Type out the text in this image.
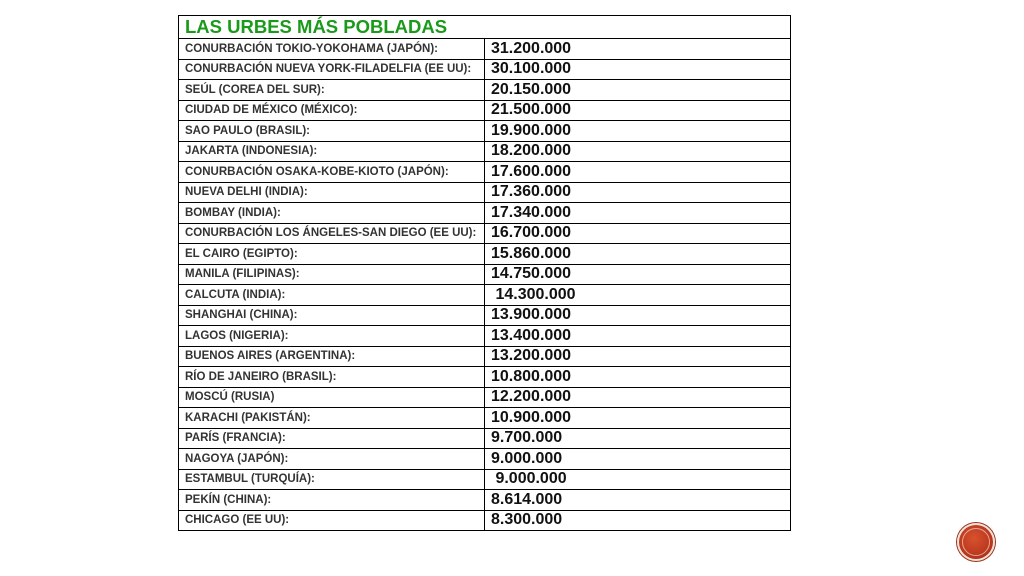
LAS URBES MÁS POBLADAS	
CONURBACIÓN TOKIO-YOKOHAMA (JAPÓN):	31.200.000
CONURBACIÓN NUEVA YORK-FILADELFIA (EE UU):	30.100.000
SEÚL (COREA DEL SUR):	20.150.000
CIUDAD DE MÉXICO (MÉXICO):	21.500.000
SAO PAULO (BRASIL):	19.900.000
JAKARTA (INDONESIA):	18.200.000
CONURBACIÓN OSAKA-KOBE-KIOTO (JAPÓN):	17.600.000
NUEVA DELHI (INDIA):	17.360.000
BOMBAY (INDIA):	17.340.000
CONURBACIÓN LOS ÁNGELES-SAN DIEGO (EE UU):	16.700.000
EL CAIRO (EGIPTO):	15.860.000
MANILA (FILIPINAS):	14.750.000
CALCUTA (INDIA):	14.300.000
SHANGHAI (CHINA):	13.900.000
LAGOS (NIGERIA):	13.400.000
BUENOS AIRES (ARGENTINA):	13.200.000
RÍO DE JANEIRO (BRASIL):	10.800.000
MOSCÚ (RUSIA)	12.200.000
KARACHI (PAKISTÁN):	10.900.000
PARÍS (FRANCIA):	9.700.000
NAGOYA (JAPÓN):	9.000.000
ESTAMBUL (TURQUÍA):	9.000.000
PEKÍN (CHINA):	8.614.000
CHICAGO (EE UU):	8.300.000
